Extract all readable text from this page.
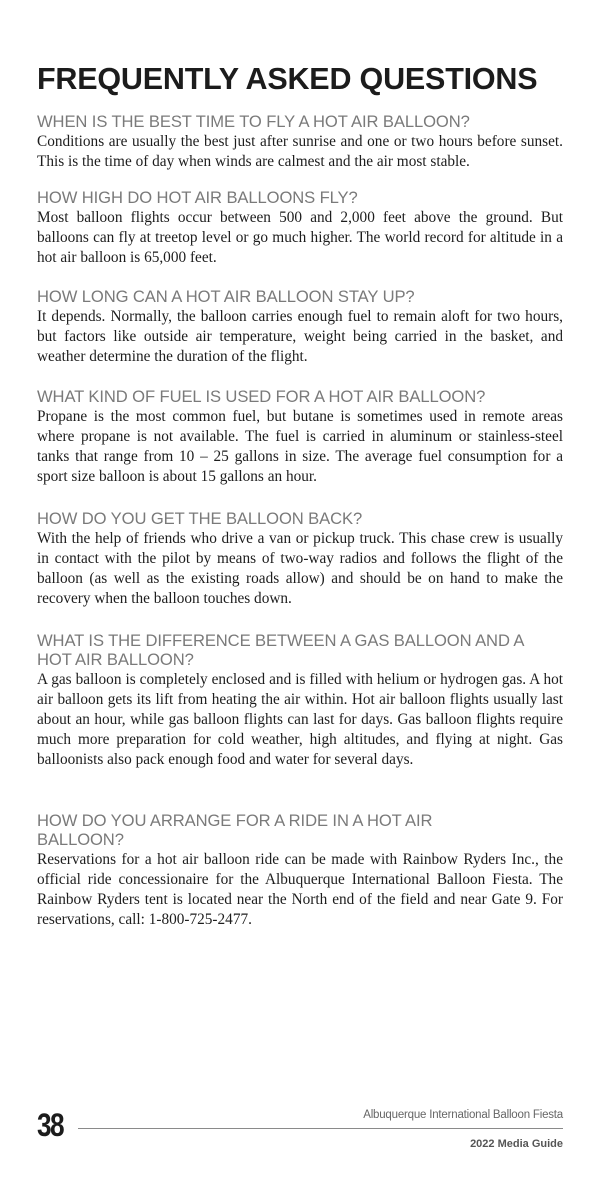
FREQUENTLY ASKED QUESTIONS

WHEN IS THE BEST TIME TO FLY A HOT AIR BALLOON?

Conditions are usually the best just after sunrise and one or two hours before sunset. This is the time of day when winds are calmest and the air most stable.

HOW HIGH DO HOT AIR BALLOONS FLY?

Most balloon flights occur between 500 and 2,000 feet above the ground. But balloons can fly at treetop level or go much higher. The world record for altitude in a hot air balloon is 65,000 feet.

HOW LONG CAN A HOT AIR BALLOON STAY UP?

It depends. Normally, the balloon carries enough fuel to remain aloft for two hours, but factors like outside air temperature, weight being carried in the basket, and weather determine the duration of the flight.

WHAT KIND OF FUEL IS USED FOR A HOT AIR BALLOON?

Propane is the most common fuel, but butane is sometimes used in remote areas where propane is not available. The fuel is carried in aluminum or stainless-steel tanks that range from 10 – 25 gallons in size. The average fuel consumption for a sport size balloon is about 15 gallons an hour.

HOW DO YOU GET THE BALLOON BACK?

With the help of friends who drive a van or pickup truck. This chase crew is usually in contact with the pilot by means of two-way radios and follows the flight of the balloon (as well as the existing roads allow) and should be on hand to make the recovery when the balloon touches down.

WHAT IS THE DIFFERENCE BETWEEN A GAS BALLOON AND A HOT AIR BALLOON?

A gas balloon is completely enclosed and is filled with helium or hydrogen gas. A hot air balloon gets its lift from heating the air within. Hot air balloon flights usually last about an hour, while gas balloon flights can last for days. Gas balloon flights require much more preparation for cold weather, high altitudes, and flying at night. Gas balloonists also pack enough food and water for several days.

HOW DO YOU ARRANGE FOR A RIDE IN A HOT AIR BALLOON?

Reservations for a hot air balloon ride can be made with Rainbow Ryders Inc., the official ride concessionaire for the Albuquerque International Balloon Fiesta. The Rainbow Ryders tent is located near the North end of the field and near Gate 9. For reservations, call: 1-800-725-2477.

38	Albuquerque International Balloon Fiesta
2022 Media Guide
